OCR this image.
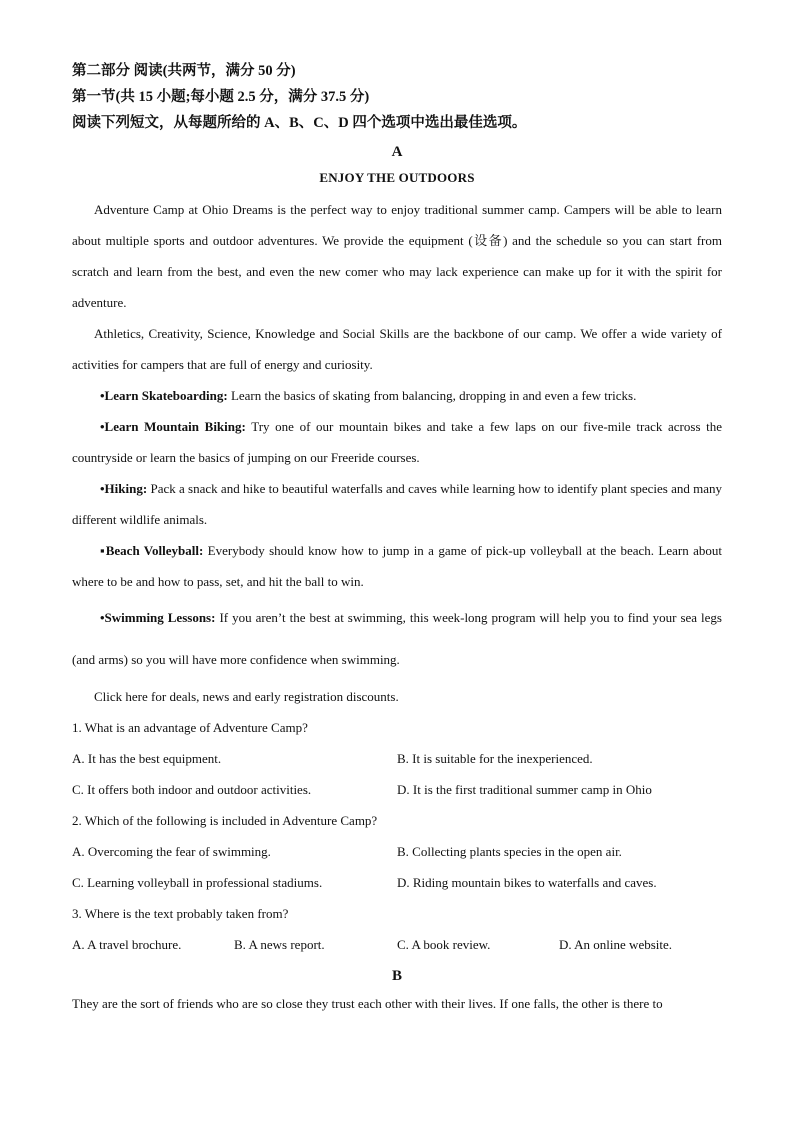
第二部分 阅读(共两节，满分 50 分)
第一节(共 15 小题;每小题 2.5 分，满分 37.5 分)
阅读下列短文，从每题所给的 A、B、C、D 四个选项中选出最佳选项。
A
ENJOY THE OUTDOORS

Adventure Camp at Ohio Dreams is the perfect way to enjoy traditional summer camp. Campers will be able to learn about multiple sports and outdoor adventures. We provide the equipment (设备) and the schedule so you can start from scratch and learn from the best, and even the new comer who may lack experience can make up for it with the spirit for adventure.

Athletics, Creativity, Science, Knowledge and Social Skills are the backbone of our camp. We offer a wide variety of activities for campers that are full of energy and curiosity.

•Learn Skateboarding: Learn the basics of skating from balancing, dropping in and even a few tricks.

•Learn Mountain Biking: Try one of our mountain bikes and take a few laps on our five-mile track across the countryside or learn the basics of jumping on our Freeride courses.

•Hiking: Pack a snack and hike to beautiful waterfalls and caves while learning how to identify plant species and many different wildlife animals.

▪Beach Volleyball: Everybody should know how to jump in a game of pick-up volleyball at the beach. Learn about where to be and how to pass, set, and hit the ball to win.

•Swimming Lessons: If you aren’t the best at swimming, this week-long program will help you to find your sea legs (and arms) so you will have more confidence when swimming.

Click here for deals, news and early registration discounts.

1. What is an advantage of Adventure Camp?

A. It has the best equipment.	B. It is suitable for the inexperienced.
C. It offers both indoor and outdoor activities.	D. It is the first traditional summer camp in Ohio

2. Which of the following is included in Adventure Camp?

A. Overcoming the fear of swimming.	B. Collecting plants species in the open air.
C. Learning volleyball in professional stadiums.	D. Riding mountain bikes to waterfalls and caves.

3. Where is the text probably taken from?

A. A travel brochure.	B. A news report.	C. A book review.	D. An online website.
B

They are the sort of friends who are so close they trust each other with their lives. If one falls, the other is there to
